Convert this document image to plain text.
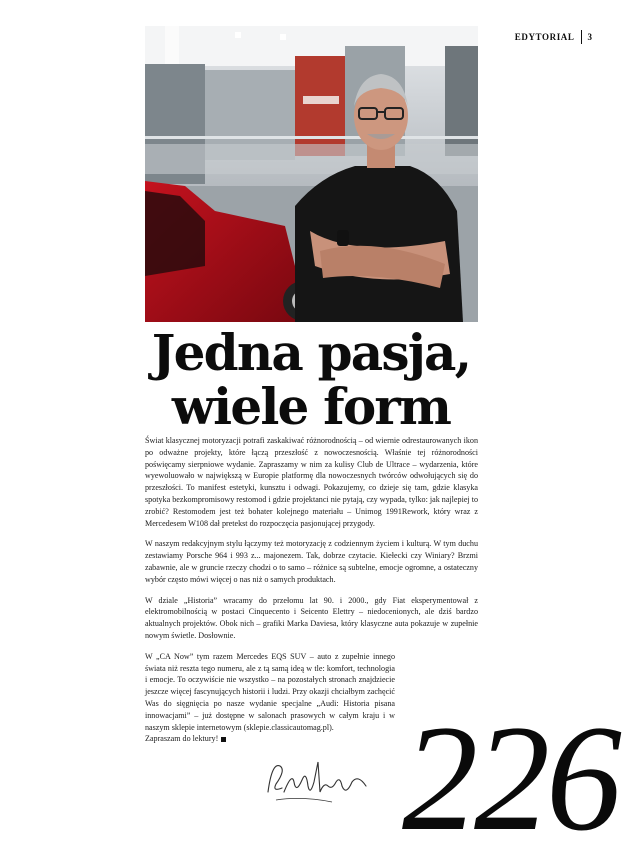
EDYTORIAL 3
Jedna pasja,
wiele form

Świat klasycznej motoryzacji potrafi zaskakiwać różnorodnością – od wiernie odrestaurowanych ikon po odważne projekty, które łączą przeszłość z nowoczesnością. Właśnie tej różnorodności poświęcamy sierpniowe wydanie. Zapraszamy w nim za kulisy Club de Ultrace – wydarzenia, które wyewoluowało w największą w Europie platformę dla nowoczesnych twórców odwołujących się do przeszłości. To manifest estetyki, kunsztu i odwagi. Pokazujemy, co dzieje się tam, gdzie klasyka spotyka bezkompromisowy restomod i gdzie projektanci nie pytają, czy wypada, tylko: jak najlepiej to zrobić? Restomodem jest też bohater kolejnego materiału – Unimog 1991Rework, który wraz z Mercedesem W108 dał pretekst do rozpoczęcia pasjonującej przygody.

W naszym redakcyjnym stylu łączymy też motoryzację z codziennym życiem i kulturą. W tym duchu zestawiamy Porsche 964 i 993 z... majonezem. Tak, dobrze czytacie. Kiełecki czy Winiary? Brzmi zabawnie, ale w gruncie rzeczy chodzi o to samo – różnice są subtelne, emocje ogromne, a ostateczny wybór często mówi więcej o nas niż o samych produktach.

W dziale „Historia” wracamy do przełomu lat 90. i 2000., gdy Fiat eksperymentował z elektromobilnością w postaci Cinquecento i Seicento Elettry – niedocenionych, ale dziś bardzo aktualnych projektów. Obok nich – grafiki Marka Daviesa, który klasyczne auta pokazuje w zupełnie nowym świetle. Dosłownie.

W „CA Now” tym razem Mercedes EQS SUV – auto z zupełnie innego świata niż reszta tego numeru, ale z tą samą ideą w tle: komfort, technologia i emocje. To oczywiście nie wszystko – na pozostałych stronach znajdziecie jeszcze więcej fascynujących historii i ludzi. Przy okazji chciałbym zachęcić Was do sięgnięcia po nasze wydanie specjalne „Audi: Historia pisana innowacjami” – już dostępne w salonach prasowych w całym kraju i w naszym sklepie internetowym (sklepie.classicautomag.pl).

Zapraszam do lektury!	226
